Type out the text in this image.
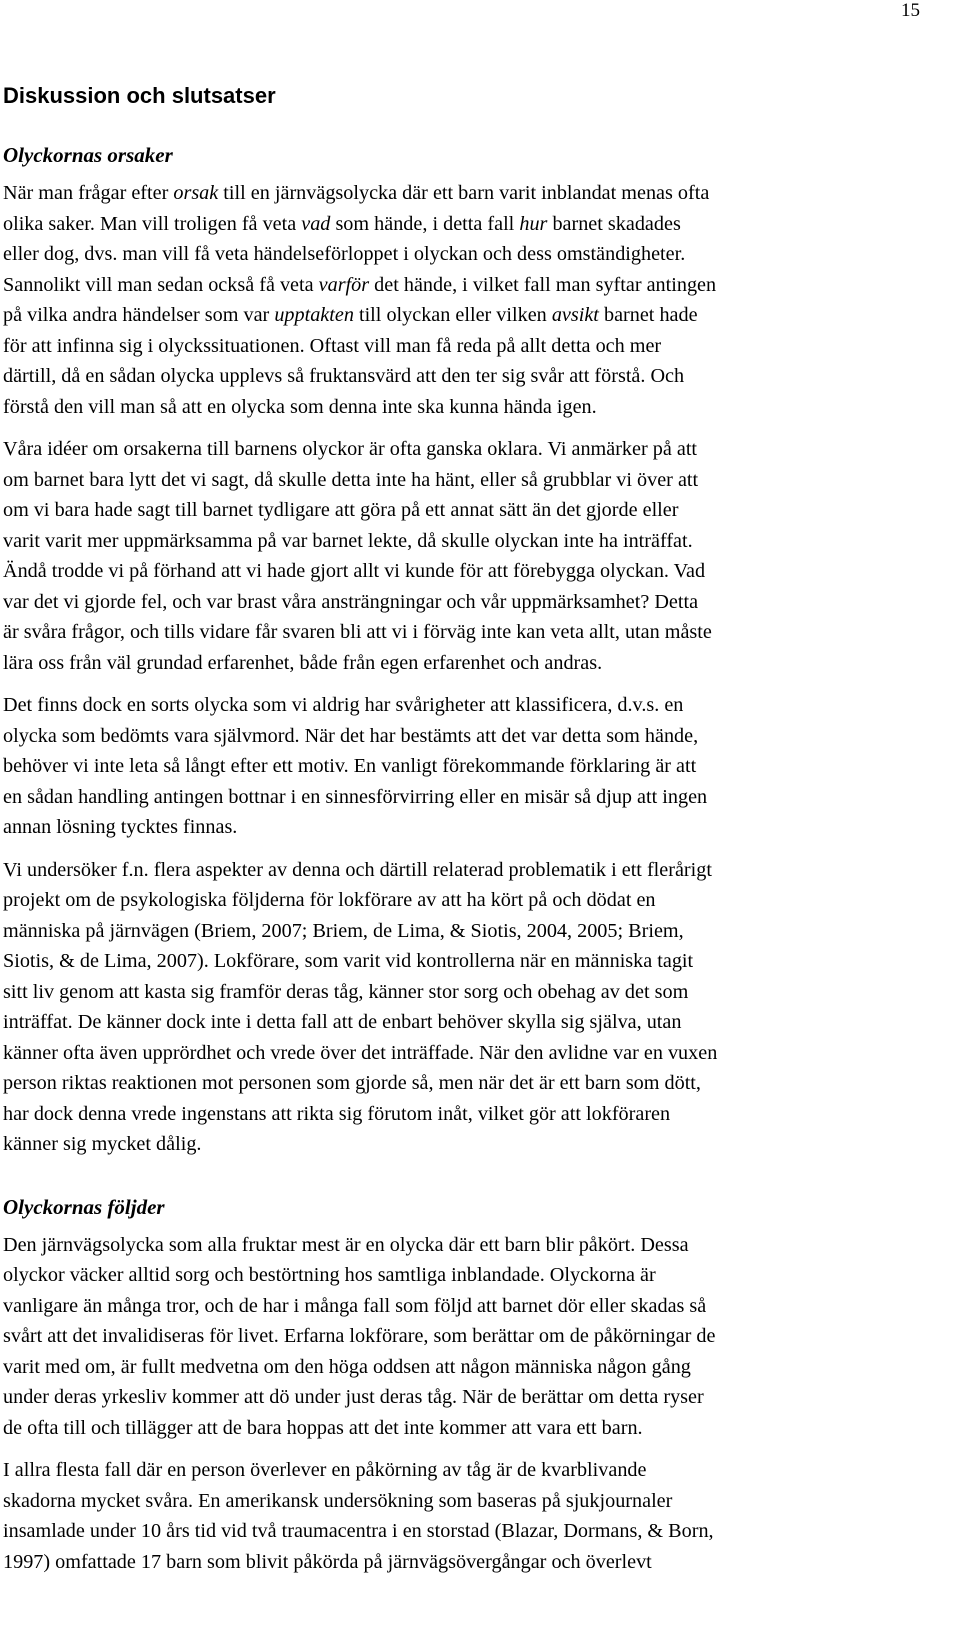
15
Diskussion och slutsatser
Olyckornas orsaker

När man frågar efter orsak till en järnvägsolycka där ett barn varit inblandat menas ofta
olika saker. Man vill troligen få veta vad som hände, i detta fall hur barnet skadades
eller dog, dvs. man vill få veta händelseförloppet i olyckan och dess omständigheter.
Sannolikt vill man sedan också få veta varför det hände, i vilket fall man syftar antingen
på vilka andra händelser som var upptakten till olyckan eller vilken avsikt barnet hade
för att infinna sig i olyckssituationen. Oftast vill man få reda på allt detta och mer
därtill, då en sådan olycka upplevs så fruktansvärd att den ter sig svår att förstå. Och
förstå den vill man så att en olycka som denna inte ska kunna hända igen.

Våra idéer om orsakerna till barnens olyckor är ofta ganska oklara. Vi anmärker på att
om barnet bara lytt det vi sagt, då skulle detta inte ha hänt, eller så grubblar vi över att
om vi bara hade sagt till barnet tydligare att göra på ett annat sätt än det gjorde eller
varit varit mer uppmärksamma på var barnet lekte, då skulle olyckan inte ha inträffat.
Ändå trodde vi på förhand att vi hade gjort allt vi kunde för att förebygga olyckan. Vad
var det vi gjorde fel, och var brast våra ansträngningar och vår uppmärksamhet? Detta
är svåra frågor, och tills vidare får svaren bli att vi i förväg inte kan veta allt, utan måste
lära oss från väl grundad erfarenhet, både från egen erfarenhet och andras.

Det finns dock en sorts olycka som vi aldrig har svårigheter att klassificera, d.v.s. en
olycka som bedömts vara självmord. När det har bestämts att det var detta som hände,
behöver vi inte leta så långt efter ett motiv. En vanligt förekommande förklaring är att
en sådan handling antingen bottnar i en sinnesförvirring eller en misär så djup att ingen
annan lösning tycktes finnas.

Vi undersöker f.n. flera aspekter av denna och därtill relaterad problematik i ett flerårigt
projekt om de psykologiska följderna för lokförare av att ha kört på och dödat en
människa på järnvägen (Briem, 2007; Briem, de Lima, & Siotis, 2004, 2005; Briem,
Siotis, & de Lima, 2007). Lokförare, som varit vid kontrollerna när en människa tagit
sitt liv genom att kasta sig framför deras tåg, känner stor sorg och obehag av det som
inträffat. De känner dock inte i detta fall att de enbart behöver skylla sig själva, utan
känner ofta även upprördhet och vrede över det inträffade. När den avlidne var en vuxen
person riktas reaktionen mot personen som gjorde så, men när det är ett barn som dött,
har dock denna vrede ingenstans att rikta sig förutom inåt, vilket gör att lokföraren
känner sig mycket dålig.

Olyckornas följder

Den järnvägsolycka som alla fruktar mest är en olycka där ett barn blir påkört. Dessa
olyckor väcker alltid sorg och bestörtning hos samtliga inblandade. Olyckorna är
vanligare än många tror, och de har i många fall som följd att barnet dör eller skadas så
svårt att det invalidiseras för livet. Erfarna lokförare, som berättar om de påkörningar de
varit med om, är fullt medvetna om den höga oddsen att någon människa någon gång
under deras yrkesliv kommer att dö under just deras tåg. När de berättar om detta ryser
de ofta till och tillägger att de bara hoppas att det inte kommer att vara ett barn.

I allra flesta fall där en person överlever en påkörning av tåg är de kvarblivande
skadorna mycket svåra. En amerikansk undersökning som baseras på sjukjournaler
insamlade under 10 års tid vid två traumacentra i en storstad (Blazar, Dormans, & Born,
1997) omfattade 17 barn som blivit påkörda på järnvägsövergångar och överlevt
